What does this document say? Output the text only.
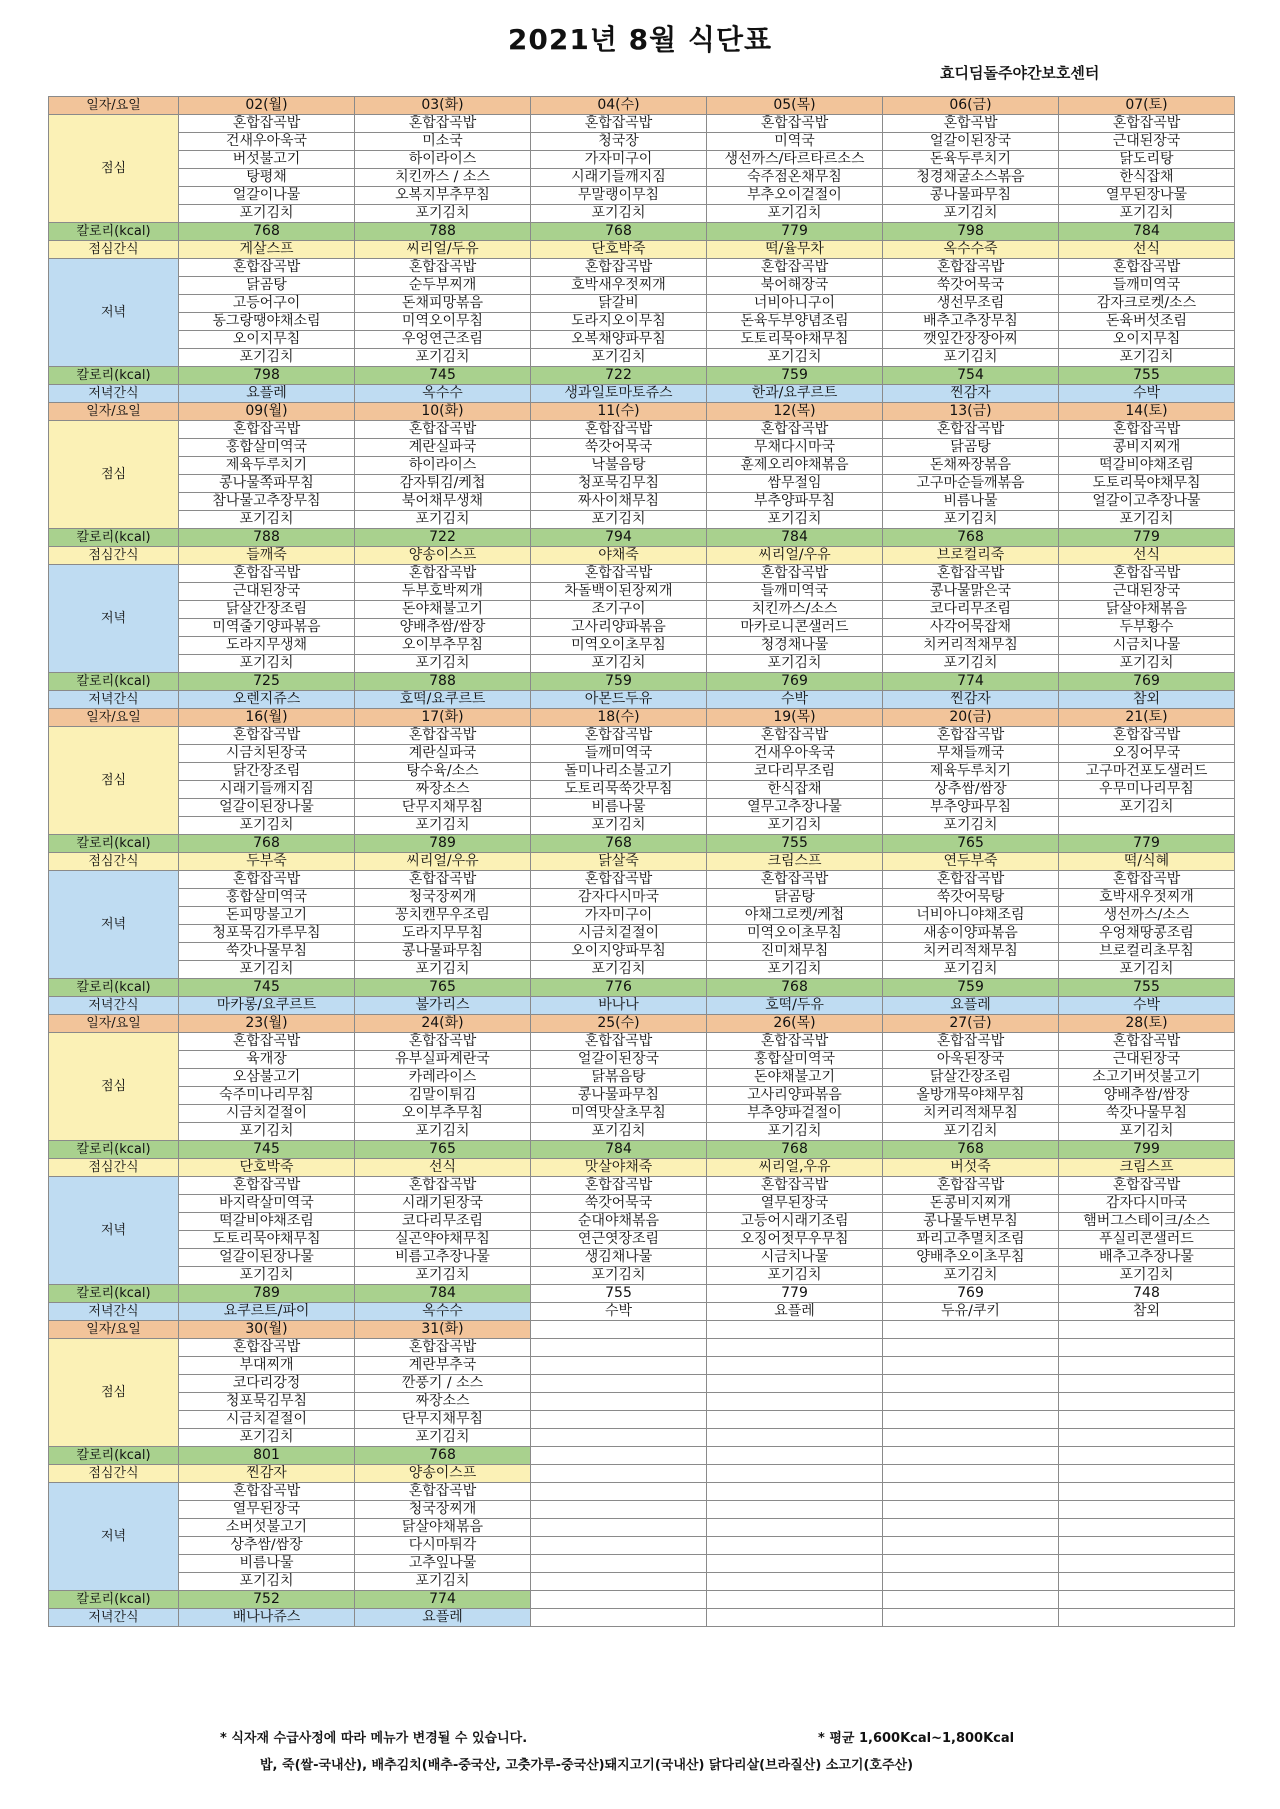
2021년 8월 식단표
효디딤돌주야간보호센터
일자/요일	02(월)	03(화)	04(수)	05(목)	06(금)	07(토)
점심	혼합잡곡밥	혼합잡곡밥	혼합잡곡밥	혼합잡곡밥	혼합곡밥	혼합잡곡밥
	건새우아욱국	미소국	청국장	미역국	얼갈이된장국	근대된장국
	버섯불고기	하이라이스	가자미구이	생선까스/타르타르소스	돈육두루치기	닭도리탕
	탕평채	치킨까스 / 소스	시래기들깨지짐	숙주점온채무침	청경채굴소스볶음	한식잡채
	얼갈이나물	오복지부추무침	무말랭이무침	부추오이겉절이	콩나물파무침	열무된장나물
	포기김치	포기김치	포기김치	포기김치	포기김치	포기김치
칼로리(kcal)	768	788	768	779	798	784
점심간식	게살스프	씨리얼/두유	단호박죽	떡/율무차	옥수수죽	선식
저녁	혼합잡곡밥	혼합잡곡밥	혼합잡곡밥	혼합잡곡밥	혼합잡곡밥	혼합잡곡밥
	닭곰탕	순두부찌개	호박새우젓찌개	북어해장국	쑥갓어묵국	들깨미역국
	고등어구이	돈채피망볶음	닭갈비	너비아니구이	생선무조림	감자크로켓/소스
	동그랑땡야채소림	미역오이무침	도라지오이무침	돈육두부양념조림	배추고추장무침	돈육버섯조림
	오이지무침	우엉연근조림	오복채양파무침	도토리묵야채무침	깻잎간장장아찌	오이지무침
	포기김치	포기김치	포기김치	포기김치	포기김치	포기김치
칼로리(kcal)	798	745	722	759	754	755
저녁간식	요플레	옥수수	생과일토마토쥬스	한과/요쿠르트	찐감자	수박
일자/요일	09(월)	10(화)	11(수)	12(목)	13(금)	14(토)
점심	혼합잡곡밥	혼합잡곡밥	혼합잡곡밥	혼합잡곡밥	혼합잡곡밥	혼합잡곡밥
	홍합살미역국	계란실파국	쑥갓어묵국	무채다시마국	닭곰탕	콩비지찌개
	제육두루치기	하이라이스	낙불음탕	훈제오리야채볶음	돈채짜장볶음	떡갈비야채조림
	콩나물쪽파무침	감자튀김/케첩	청포묵김무침	쌈무절임	고구마순들깨볶음	도토리묵야채무침
	참나물고추장무침	북어채무생채	짜사이채무침	부추양파무침	비름나물	얼갈이고추장나물
	포기김치	포기김치	포기김치	포기김치	포기김치	포기김치
칼로리(kcal)	788	722	794	784	768	779
점심간식	들깨죽	양송이스프	야채죽	씨리얼/우유	브로컬리죽	선식
저녁	혼합잡곡밥	혼합잡곡밥	혼합잡곡밥	혼합잡곡밥	혼합잡곡밥	혼합잡곡밥
	근대된장국	두부호박찌개	차돌백이된장찌개	들깨미역국	콩나물맑은국	근대된장국
	닭살간장조림	돈야채불고기	조기구이	치킨까스/소스	코다리무조림	닭살야채볶음
	미역줄기양파볶음	양배추쌈/쌈장	고사리양파볶음	마카로니콘샐러드	사각어묵잡채	두부황수
	도라지무생채	오이부추무침	미역오이초무침	청경채나물	치커리적채무침	시금치나물
	포기김치	포기김치	포기김치	포기김치	포기김치	포기김치
칼로리(kcal)	725	788	759	769	774	769
저녁간식	오렌지쥬스	호떡/요쿠르트	아몬드두유	수박	찐감자	참외
일자/요일	16(월)	17(화)	18(수)	19(목)	20(금)	21(토)
점심	혼합잡곡밥	혼합잡곡밥	혼합잡곡밥	혼합잡곡밥	혼합잡곡밥	혼합잡곡밥
	시금치된장국	계란실파국	들깨미역국	건새우아욱국	무채들깨국	오징어무국
	닭간장조림	탕수육/소스	돌미나리소불고기	코다리무조림	제육두루치기	고구마건포도샐러드
	시래기들깨지짐	짜장소스	도토리묵쑥갓무침	한식잡채	상추쌈/쌈장	우무미나리무침
	얼갈이된장나물	단무지채무침	비름나물	열무고추장나물	부추양파무침	포기김치
	포기김치	포기김치	포기김치	포기김치	포기김치	
칼로리(kcal)	768	789	768	755	765	779
점심간식	두부죽	씨리얼/우유	닭살죽	크림스프	연두부죽	떡/식혜
저녁	혼합잡곡밥	혼합잡곡밥	혼합잡곡밥	혼합잡곡밥	혼합잡곡밥	혼합잡곡밥
	홍합살미역국	청국장찌개	감자다시마국	닭곰탕	쑥갓어묵탕	호박새우젓찌개
	돈피망불고기	꽁치캔무우조림	가자미구이	야채그로켓/케첩	너비아니야채조림	생선까스/소스
	청포묵김가루무침	도라지무무침	시금치겉절이	미역오이초무침	새송이양파볶음	우엉채땅콩조림
	쑥갓나물무침	콩나물파무침	오이지양파무침	진미채무침	치커리적채무침	브로컬리초무침
	포기김치	포기김치	포기김치	포기김치	포기김치	포기김치
칼로리(kcal)	745	765	776	768	759	755
저녁간식	마카롱/요쿠르트	불가리스	바나나	호떡/두유	요플레	수박
일자/요일	23(월)	24(화)	25(수)	26(목)	27(금)	28(토)
점심	혼합잡곡밥	혼합잡곡밥	혼합잡곡밥	혼합잡곡밥	혼합잡곡밥	혼합잡곡밥
	육개장	유부실파계란국	얼갈이된장국	홍합살미역국	아욱된장국	근대된장국
	오삼불고기	카레라이스	닭볶음탕	돈야채불고기	닭살간장조림	소고기버섯불고기
	숙주미나리무침	김말이튀김	콩나물파무침	고사리양파볶음	올방개묵야채무침	양배추쌈/쌈장
	시금치겉절이	오이부추무침	미역맛살초무침	부추양파겉절이	치커리적채무침	쑥갓나물무침
	포기김치	포기김치	포기김치	포기김치	포기김치	포기김치
칼로리(kcal)	745	765	784	768	768	799
점심간식	단호박죽	선식	맛살야채죽	씨리얼,우유	버섯죽	크림스프
저녁	혼합잡곡밥	혼합잡곡밥	혼합잡곡밥	혼합잡곡밥	혼합잡곡밥	혼합잡곡밥
	바지락살미역국	시래기된장국	쑥갓어묵국	열무된장국	돈콩비지찌개	감자다시마국
	떡갈비야채조림	코다리무조림	순대야채볶음	고등어시래기조림	콩나물두변무침	햄버그스테이크/소스
	도토리묵야채무침	실곤약야채무침	연근엿장조림	오징어젓무우무침	꽈리고추멸치조림	푸실리콘샐러드
	얼갈이된장나물	비름고추장나물	생김채나물	시금치나물	양배추오이초무침	배추고추장나물
	포기김치	포기김치	포기김치	포기김치	포기김치	포기김치
칼로리(kcal)	789	784	755	779	769	748
저녁간식	요쿠르트/파이	옥수수	수박	요플레	두유/쿠키	참외
일자/요일	30(월)	31(화)				
점심	혼합잡곡밥	혼합잡곡밥				
	부대찌개	계란부추국				
	코다리강정	깐풍기 / 소스				
	청포묵김무침	짜장소스				
	시금치겉절이	단무지채무침				
	포기김치	포기김치				
칼로리(kcal)	801	768				
점심간식	찐감자	양송이스프				
저녁	혼합잡곡밥	혼합잡곡밥				
	열무된장국	청국장찌개				
	소버섯불고기	닭살야채볶음				
	상추쌈/쌈장	다시마튀각				
	비름나물	고추잎나물				
	포기김치	포기김치				
칼로리(kcal)	752	774				
저녁간식	배나나쥬스	요플레				
* 식자재 수급사정에 따라 메뉴가 변경될 수 있습니다.	* 평균 1,600Kcal~1,800Kcal
밥, 죽(쌀-국내산), 배추김치(배추-중국산, 고춧가루-중국산)돼지고기(국내산) 닭다리살(브라질산) 소고기(호주산)
